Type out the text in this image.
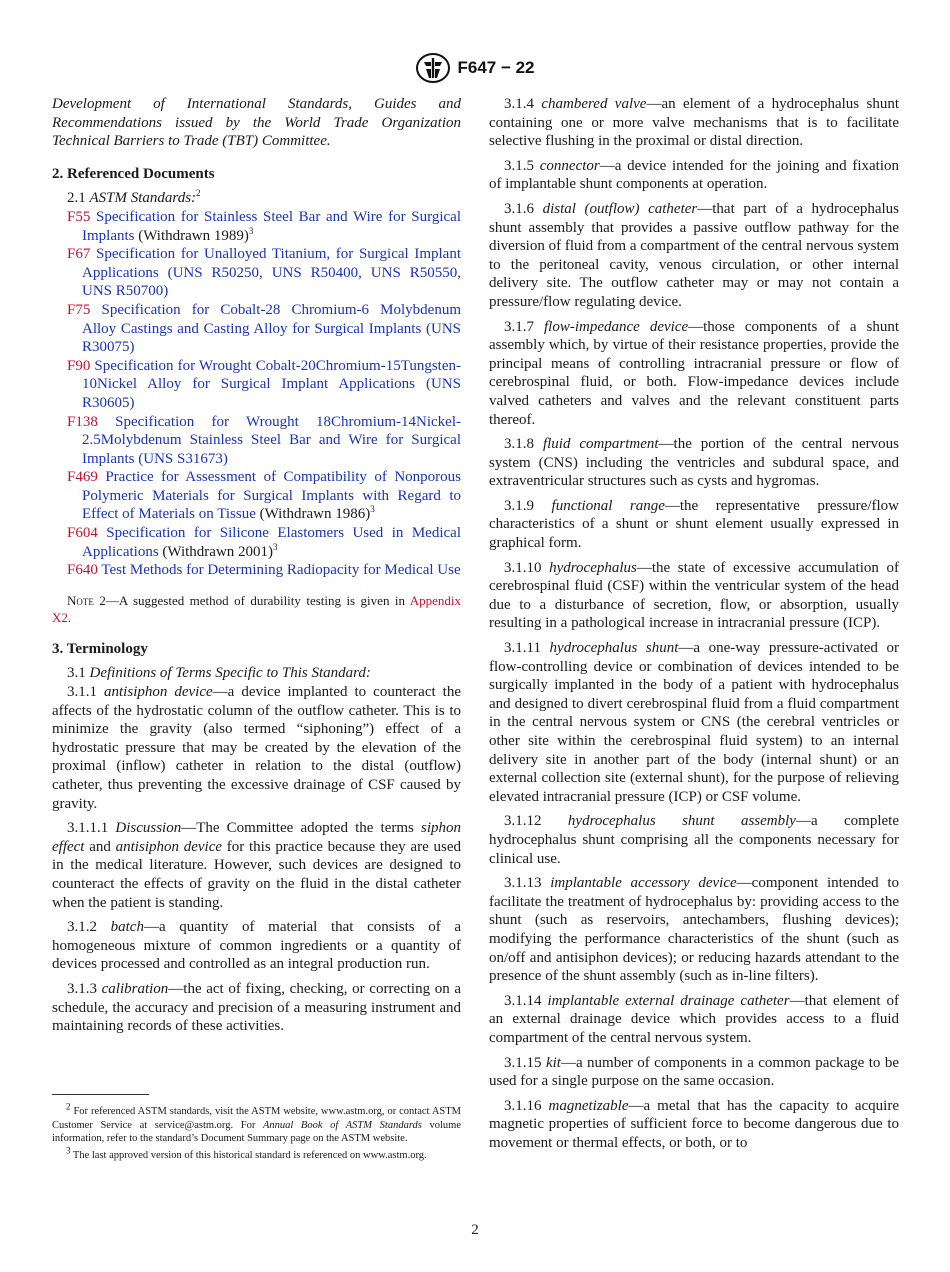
F647 − 22

Development of International Standards, Guides and Recommendations issued by the World Trade Organization Technical Barriers to Trade (TBT) Committee.

2. Referenced Documents

2.1 ASTM Standards:$^2$

F55 Specification for Stainless Steel Bar and Wire for Surgical Implants (Withdrawn 1989)$^3$

F67 Specification for Unalloyed Titanium, for Surgical Implant Applications (UNS R50250, UNS R50400, UNS R50550, UNS R50700)

F75 Specification for Cobalt-28 Chromium-6 Molybdenum Alloy Castings and Casting Alloy for Surgical Implants (UNS R30075)

F90 Specification for Wrought Cobalt-20Chromium-15Tungsten-10Nickel Alloy for Surgical Implant Applications (UNS R30605)

F138 Specification for Wrought 18Chromium-14Nickel-2.5Molybdenum Stainless Steel Bar and Wire for Surgical Implants (UNS S31673)

F469 Practice for Assessment of Compatibility of Nonporous Polymeric Materials for Surgical Implants with Regard to Effect of Materials on Tissue (Withdrawn 1986)$^3$

F604 Specification for Silicone Elastomers Used in Medical Applications (Withdrawn 2001)$^3$

F640 Test Methods for Determining Radiopacity for Medical Use

Note 2—A suggested method of durability testing is given in Appendix X2.

3. Terminology

3.1 Definitions of Terms Specific to This Standard:

3.1.1 antisiphon device—a device implanted to counteract the affects of the hydrostatic column of the outflow catheter. This is to minimize the gravity (also termed “siphoning”) effect of a hydrostatic pressure that may be created by the elevation of the proximal (inflow) catheter in relation to the distal (outflow) catheter, thus preventing the excessive drainage of CSF caused by gravity.

3.1.1.1 Discussion—The Committee adopted the terms siphon effect and antisiphon device for this practice because they are used in the medical literature. However, such devices are designed to counteract the effects of gravity on the fluid in the distal catheter when the patient is standing.

3.1.2 batch—a quantity of material that consists of a homogeneous mixture of common ingredients or a quantity of devices processed and controlled as an integral production run.

3.1.3 calibration—the act of fixing, checking, or correcting on a schedule, the accuracy and precision of a measuring instrument and maintaining records of these activities.

$^2$ For referenced ASTM standards, visit the ASTM website, www.astm.org, or contact ASTM Customer Service at service@astm.org. For Annual Book of ASTM Standards volume information, refer to the standard’s Document Summary page on the ASTM website.

$^3$ The last approved version of this historical standard is referenced on www.astm.org.

3.1.4 chambered valve—an element of a hydrocephalus shunt containing one or more valve mechanisms that is to facilitate selective flushing in the proximal or distal direction.

3.1.5 connector—a device intended for the joining and fixation of implantable shunt components at operation.

3.1.6 distal (outflow) catheter—that part of a hydrocephalus shunt assembly that provides a passive outflow pathway for the diversion of fluid from a compartment of the central nervous system to the peritoneal cavity, venous circulation, or other internal delivery site. The outflow catheter may or may not contain a pressure/flow regulating device.

3.1.7 flow-impedance device—those components of a shunt assembly which, by virtue of their resistance properties, provide the principal means of controlling intracranial pressure or flow of cerebrospinal fluid, or both. Flow-impedance devices include valved catheters and valves and the relevant constituent parts thereof.

3.1.8 fluid compartment—the portion of the central nervous system (CNS) including the ventricles and subdural space, and extraventricular structures such as cysts and hygromas.

3.1.9 functional range—the representative pressure/flow characteristics of a shunt or shunt element usually expressed in graphical form.

3.1.10 hydrocephalus—the state of excessive accumulation of cerebrospinal fluid (CSF) within the ventricular system of the head due to a disturbance of secretion, flow, or absorption, usually resulting in a pathological increase in intracranial pressure (ICP).

3.1.11 hydrocephalus shunt—a one-way pressure-activated or flow-controlling device or combination of devices intended to be surgically implanted in the body of a patient with hydrocephalus and designed to divert cerebrospinal fluid from a fluid compartment in the central nervous system or CNS (the cerebral ventricles or other site within the cerebrospinal fluid system) to an internal delivery site in another part of the body (internal shunt) or an external collection site (external shunt), for the purpose of relieving elevated intracranial pressure (ICP) or CSF volume.

3.1.12 hydrocephalus shunt assembly—a complete hydrocephalus shunt comprising all the components necessary for clinical use.

3.1.13 implantable accessory device—component intended to facilitate the treatment of hydrocephalus by: providing access to the shunt (such as reservoirs, antechambers, flushing devices); modifying the performance characteristics of the shunt (such as on/off and antisiphon devices); or reducing hazards attendant to the presence of the shunt assembly (such as in-line filters).

3.1.14 implantable external drainage catheter—that element of an external drainage device which provides access to a fluid compartment of the central nervous system.

3.1.15 kit—a number of components in a common package to be used for a single purpose on the same occasion.

3.1.16 magnetizable—a metal that has the capacity to acquire magnetic properties of sufficient force to become dangerous due to movement or thermal effects, or both, or to

2
